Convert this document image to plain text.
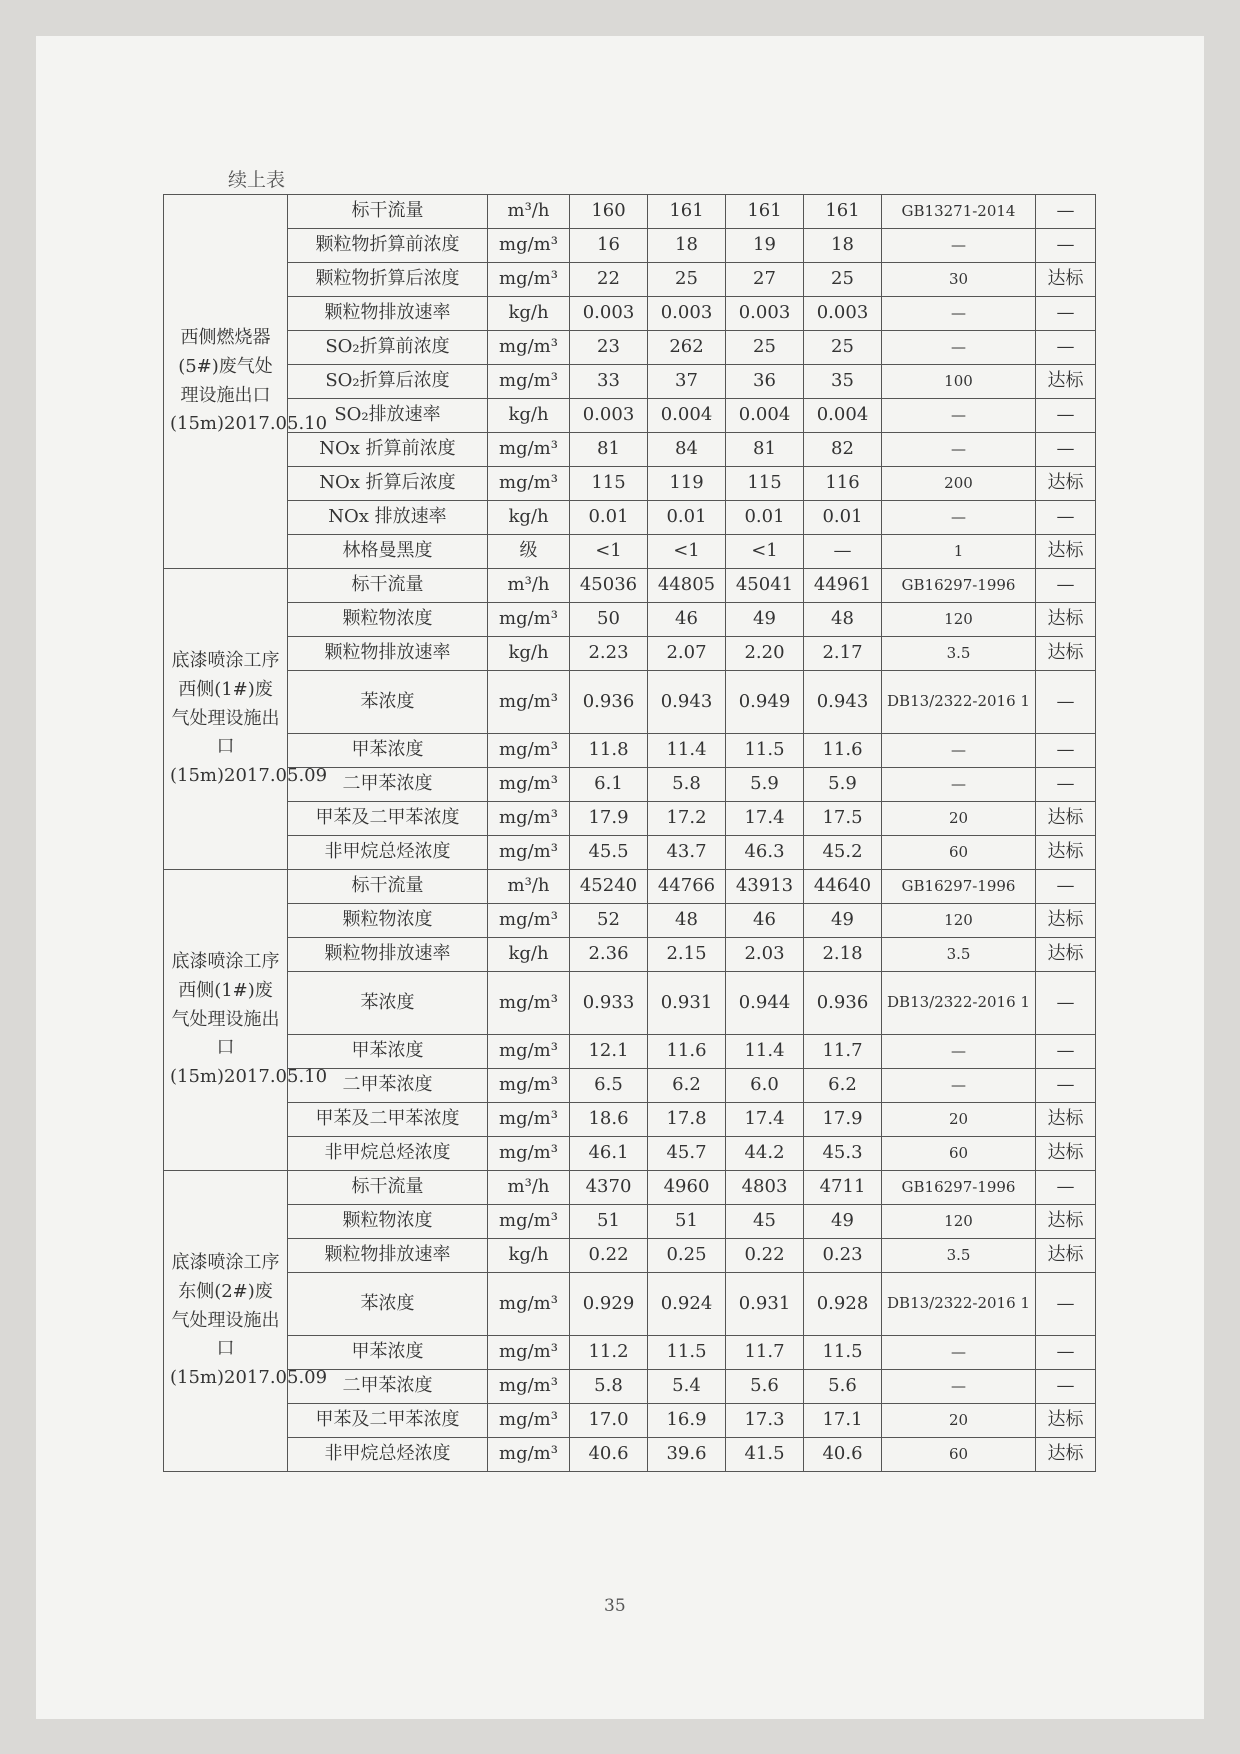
续上表
西侧燃烧器(5#)废气处理设施出口(15m)2017.05.10	标干流量	m³/h	160	161	161	161	GB13271-2014	—
	颗粒物折算前浓度	mg/m³	16	18	19	18	—	—
	颗粒物折算后浓度	mg/m³	22	25	27	25	30	达标
	颗粒物排放速率	kg/h	0.003	0.003	0.003	0.003	—	—
	SO₂折算前浓度	mg/m³	23	262	25	25	—	—
	SO₂折算后浓度	mg/m³	33	37	36	35	100	达标
	SO₂排放速率	kg/h	0.003	0.004	0.004	0.004	—	—
	NOx 折算前浓度	mg/m³	81	84	81	82	—	—
	NOx 折算后浓度	mg/m³	115	119	115	116	200	达标
	NOx 排放速率	kg/h	0.01	0.01	0.01	0.01	—	—
	林格曼黑度	级	<1	<1	<1	—	1	达标
底漆喷涂工序西侧(1#)废气处理设施出口(15m)2017.05.09	标干流量	m³/h	45036	44805	45041	44961	GB16297-1996	—
	颗粒物浓度	mg/m³	50	46	49	48	120	达标
	颗粒物排放速率	kg/h	2.23	2.07	2.20	2.17	3.5	达标
	苯浓度	mg/m³	0.936	0.943	0.949	0.943	DB13/2322-2016 1	—
	甲苯浓度	mg/m³	11.8	11.4	11.5	11.6	—	—
	二甲苯浓度	mg/m³	6.1	5.8	5.9	5.9	—	—
	甲苯及二甲苯浓度	mg/m³	17.9	17.2	17.4	17.5	20	达标
	非甲烷总烃浓度	mg/m³	45.5	43.7	46.3	45.2	60	达标
底漆喷涂工序西侧(1#)废气处理设施出口(15m)2017.05.10	标干流量	m³/h	45240	44766	43913	44640	GB16297-1996	—
	颗粒物浓度	mg/m³	52	48	46	49	120	达标
	颗粒物排放速率	kg/h	2.36	2.15	2.03	2.18	3.5	达标
	苯浓度	mg/m³	0.933	0.931	0.944	0.936	DB13/2322-2016 1	—
	甲苯浓度	mg/m³	12.1	11.6	11.4	11.7	—	—
	二甲苯浓度	mg/m³	6.5	6.2	6.0	6.2	—	—
	甲苯及二甲苯浓度	mg/m³	18.6	17.8	17.4	17.9	20	达标
	非甲烷总烃浓度	mg/m³	46.1	45.7	44.2	45.3	60	达标
底漆喷涂工序东侧(2#)废气处理设施出口(15m)2017.05.09	标干流量	m³/h	4370	4960	4803	4711	GB16297-1996	—
	颗粒物浓度	mg/m³	51	51	45	49	120	达标
	颗粒物排放速率	kg/h	0.22	0.25	0.22	0.23	3.5	达标
	苯浓度	mg/m³	0.929	0.924	0.931	0.928	DB13/2322-2016 1	—
	甲苯浓度	mg/m³	11.2	11.5	11.7	11.5	—	—
	二甲苯浓度	mg/m³	5.8	5.4	5.6	5.6	—	—
	甲苯及二甲苯浓度	mg/m³	17.0	16.9	17.3	17.1	20	达标
	非甲烷总烃浓度	mg/m³	40.6	39.6	41.5	40.6	60	达标
35
